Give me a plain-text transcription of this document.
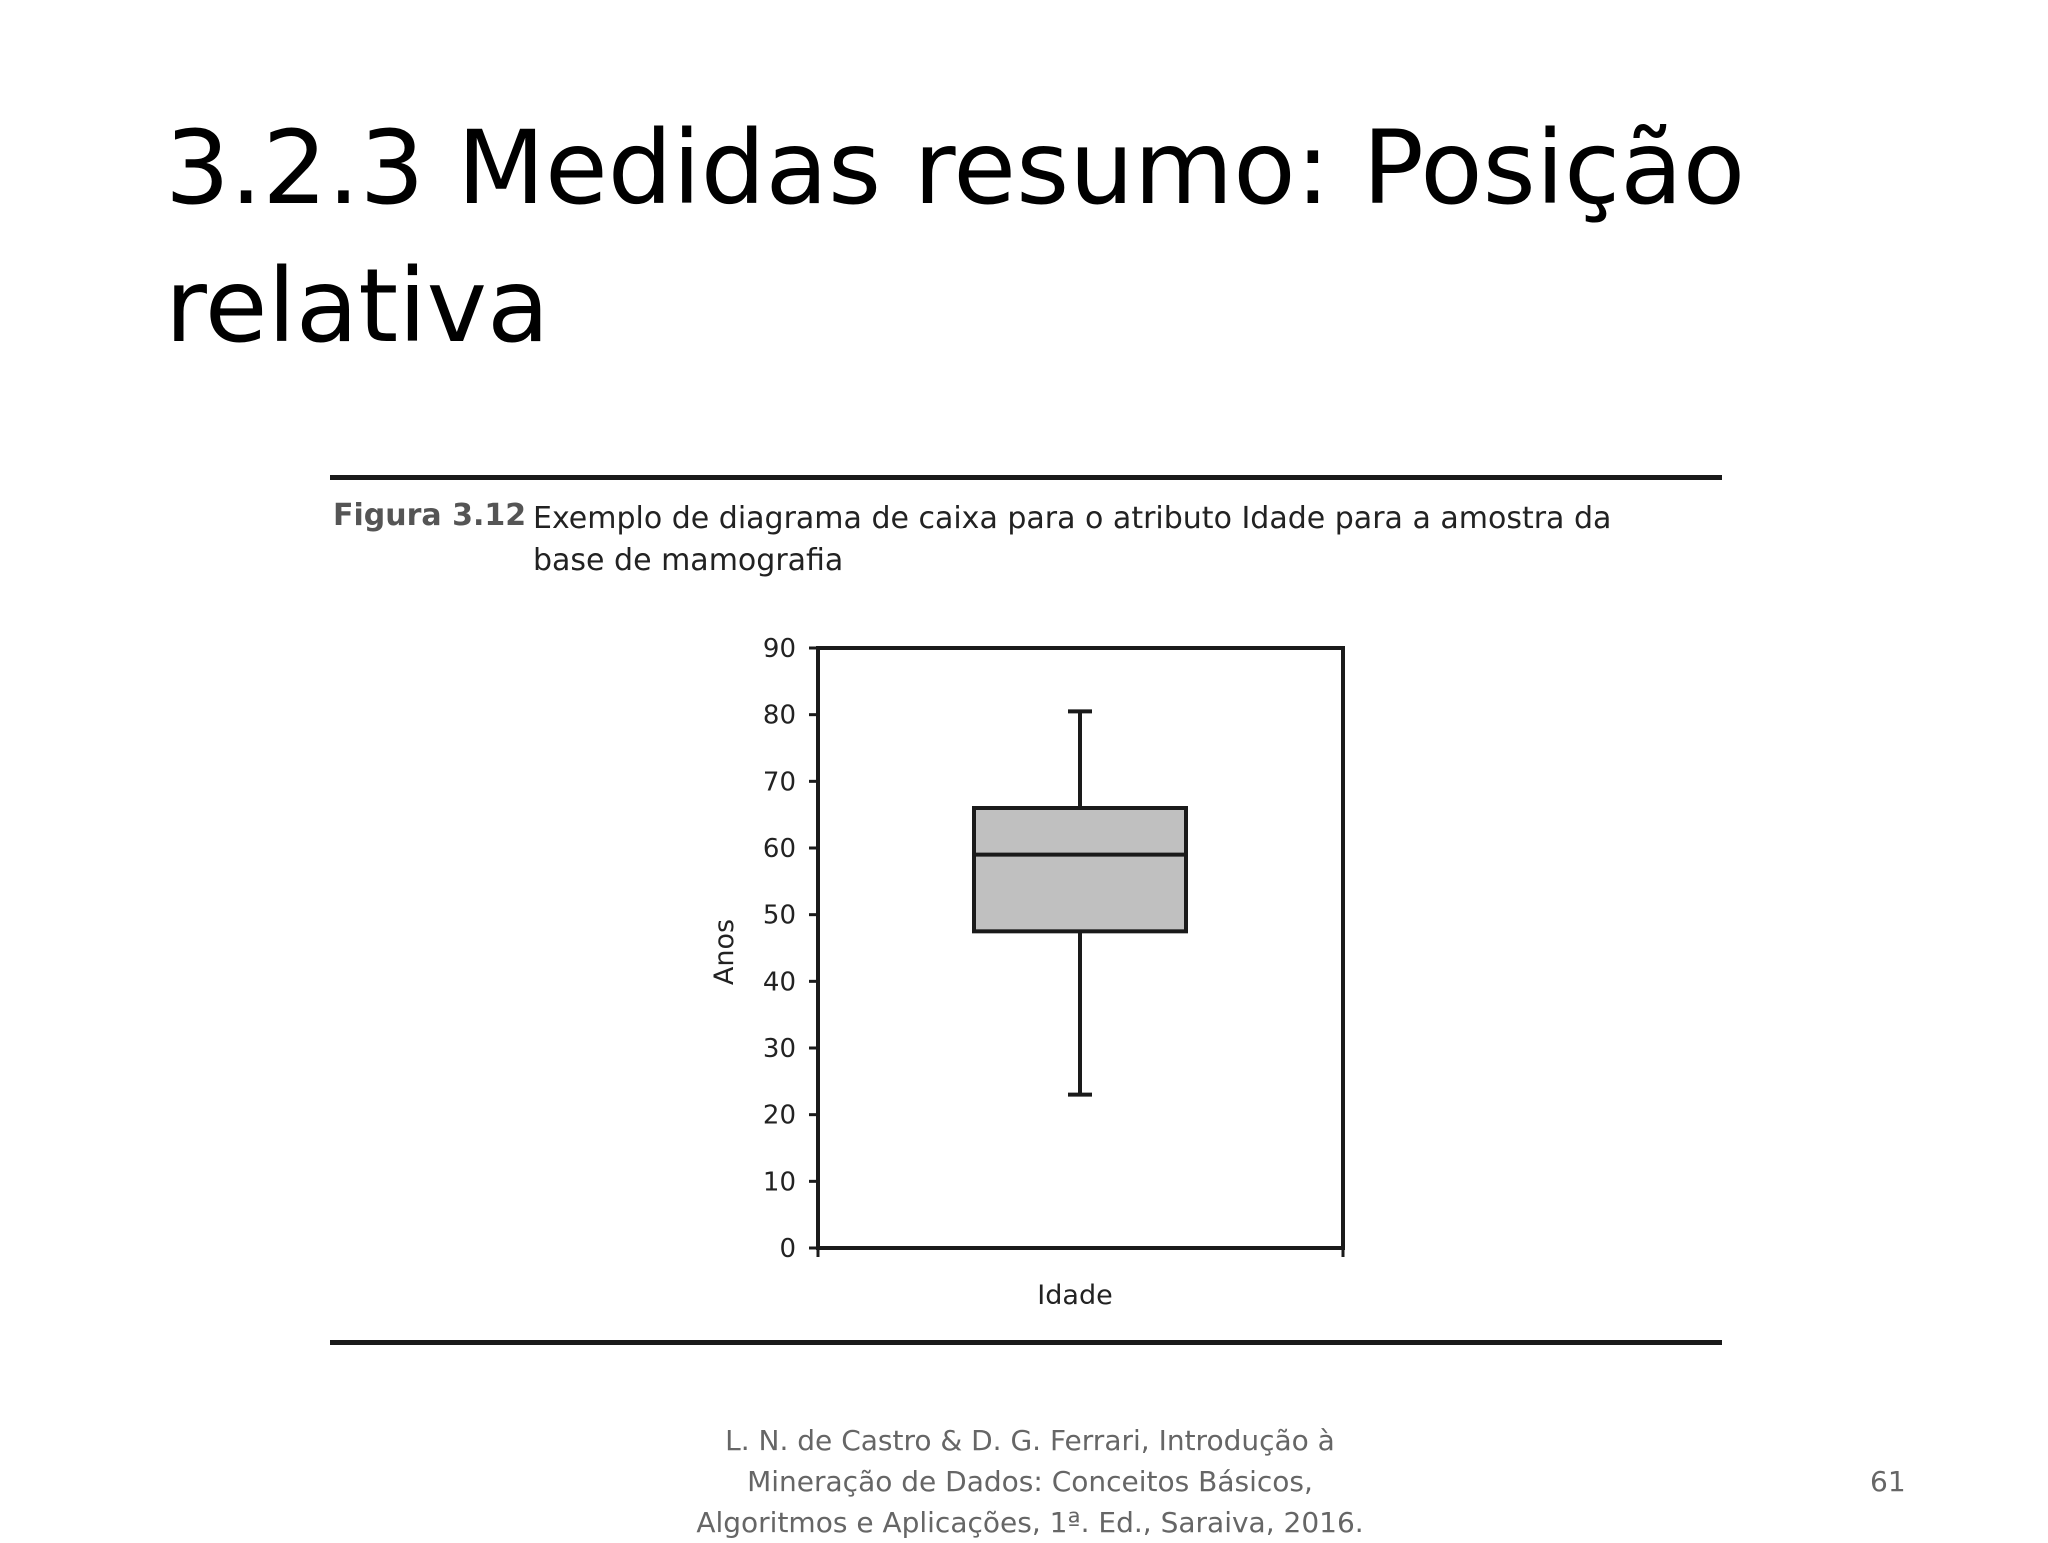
3.2.3 Medidas resumo: Posição
relativa
Figura 3.12 Exemplo de diagrama de caixa para o atributo Idade para a amostra da
base de mamografia
0
10
20
30
40
50
60
70
80
90
Idade
Anos
L. N. de Castro & D. G. Ferrari, Introdução à
Mineração de Dados: Conceitos Básicos,
Algoritmos e Aplicações, 1ª. Ed., Saraiva, 2016.
61
